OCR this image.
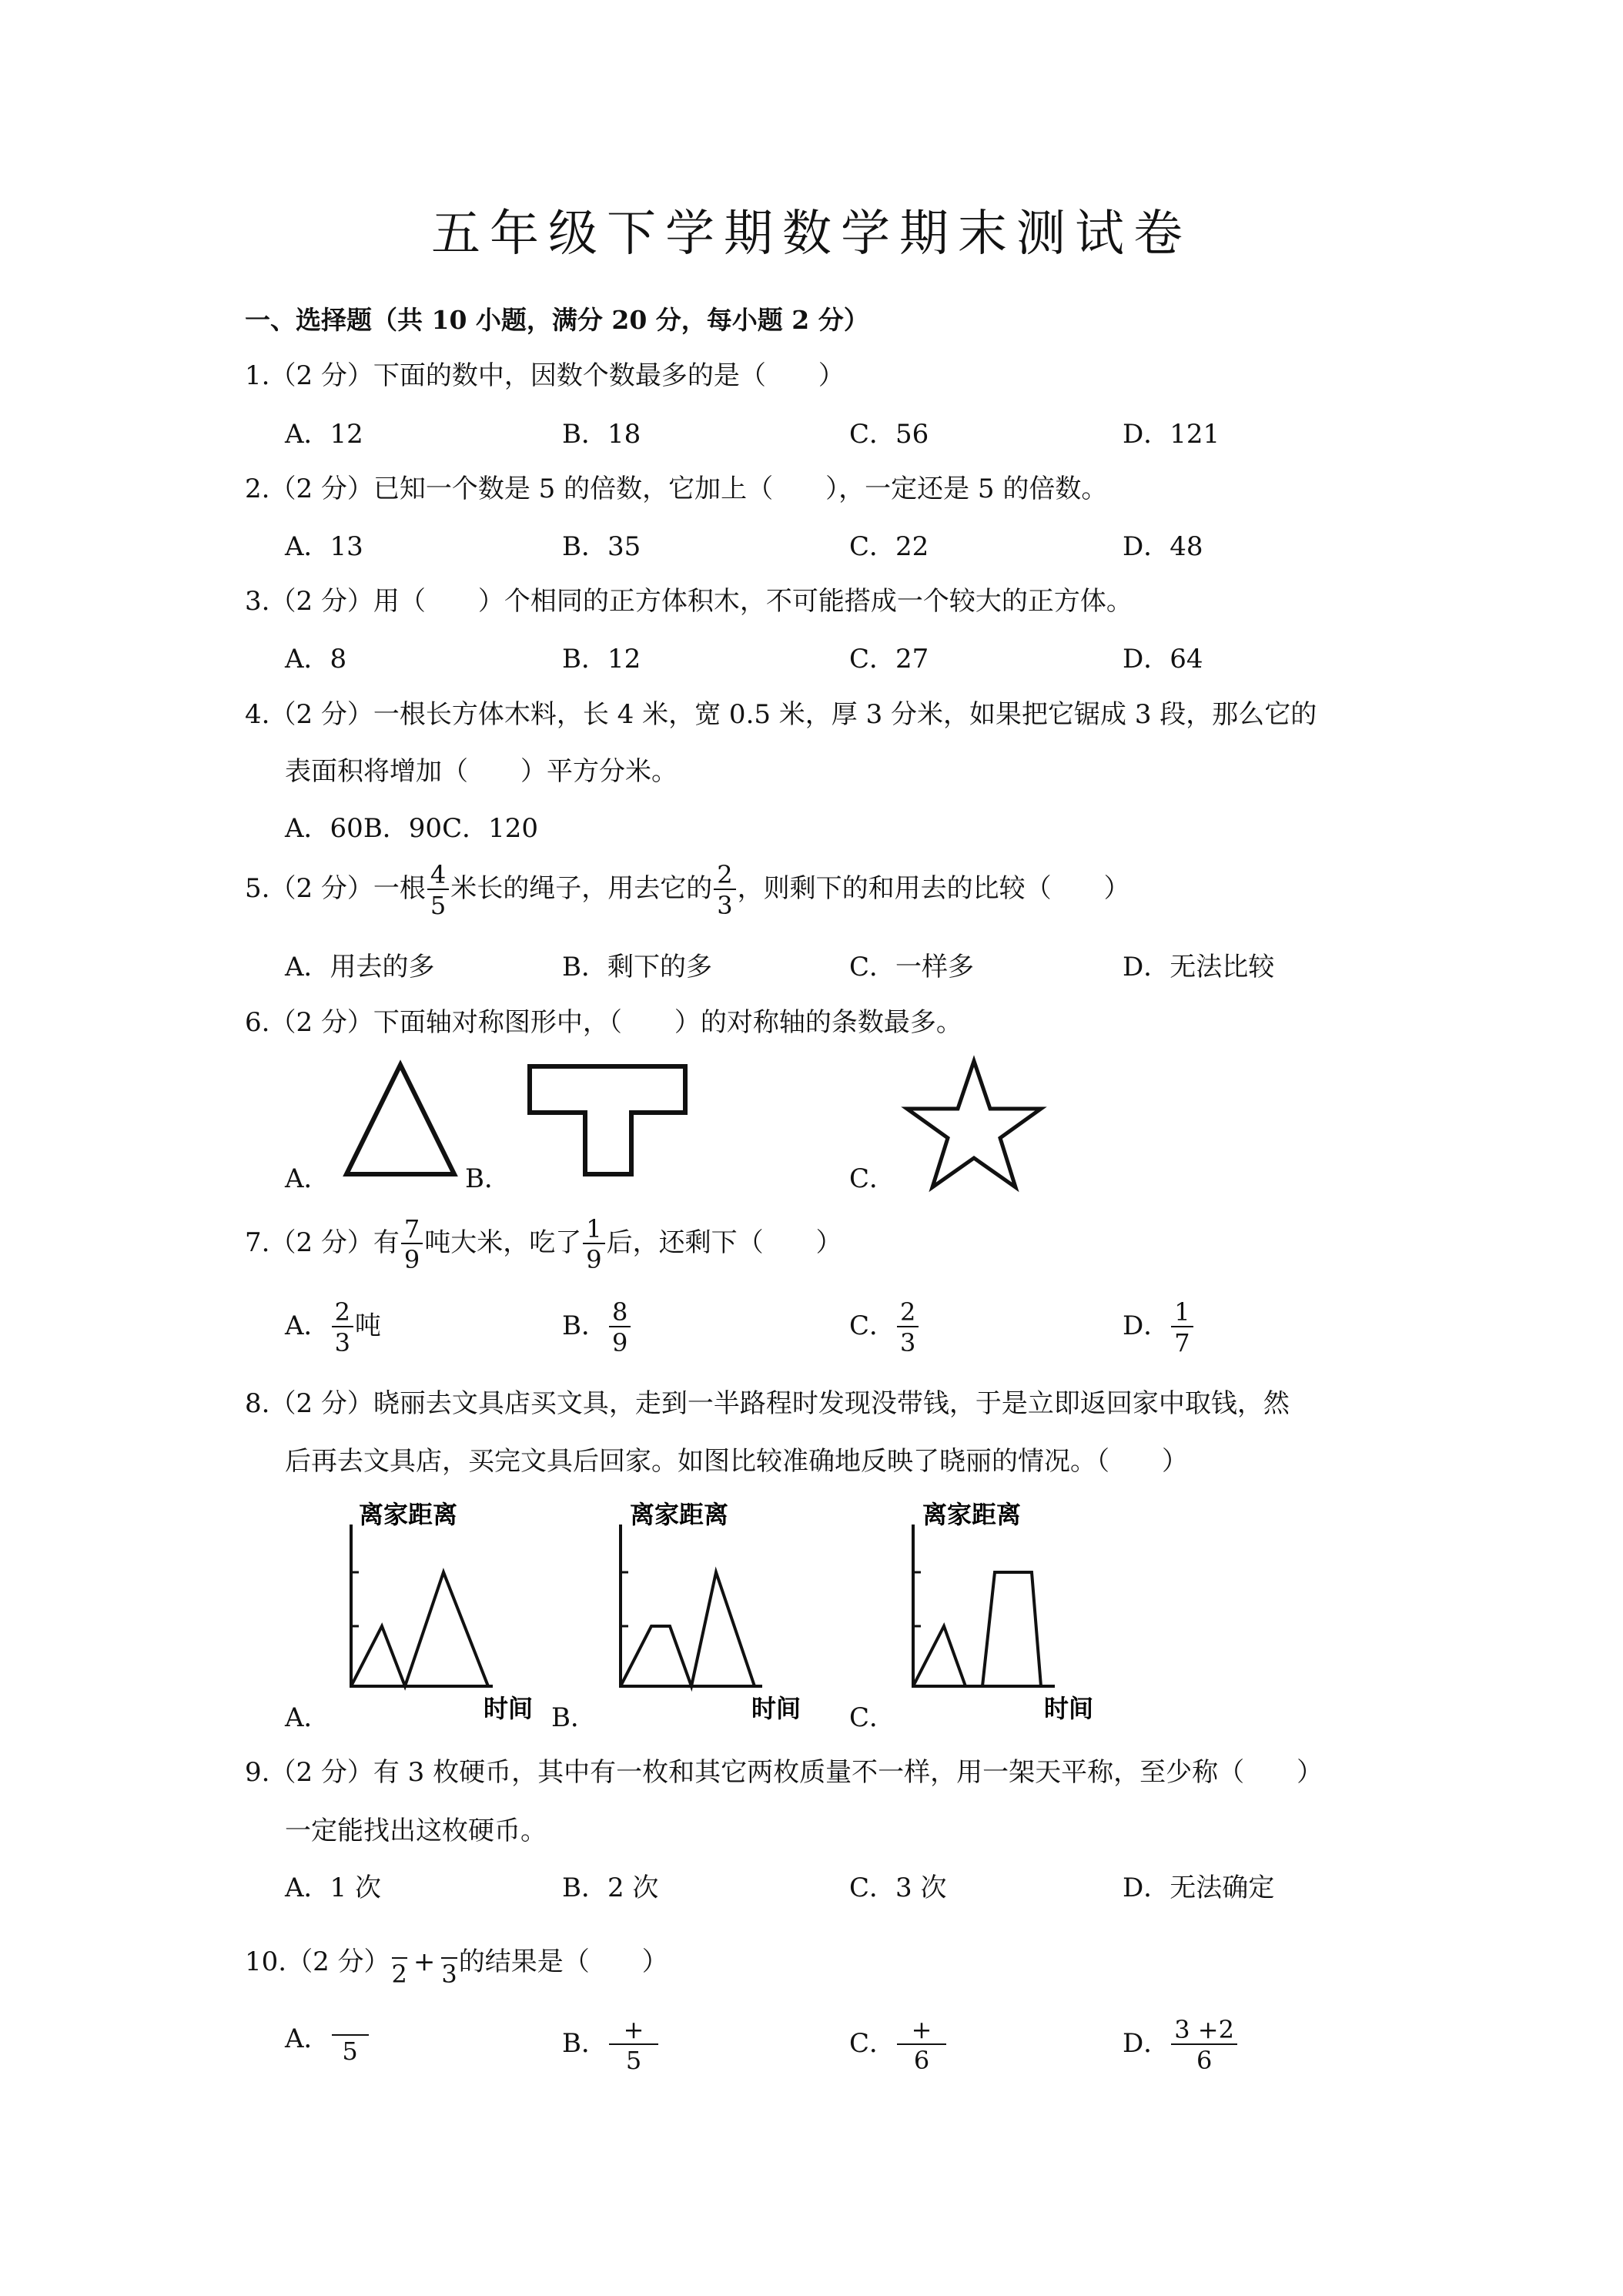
五年级下学期数学期末测试卷
一、选择题（共 10 小题，满分 20 分，每小题 2 分）
1.（2 分）下面的数中，因数个数最多的是（　　）
A．12	B．18	C．56	D．121
2.（2 分）已知一个数是 5 的倍数，它加上（　　），一定还是 5 的倍数。
A．13	B．35	C．22	D．48
3.（2 分）用（　　）个相同的正方体积木，不可能搭成一个较大的正方体。
A．8	B．12	C．27	D．64
4.（2 分）一根长方体木料，长 4 米，宽 0.5 米，厚 3 分米，如果把它锯成 3 段，那么它的
表面积将增加（　　）平方分米。
A．60B．90C．120
5.（2 分）一根 $\frac{4}{5}$ 米长的绳子，用去它的 $\frac{2}{3}$ ，则剩下的和用去的比较（　　）
A．用去的多	B．剩下的多	C．一样多	D．无法比较
6.（2 分）下面轴对称图形中，（　　）的对称轴的条数最多。
A．	B．	C．
7.（2 分）有 $\frac{7}{9}$ 吨大米，吃了 $\frac{1}{9}$ 后，还剩下（　　）
A． $\frac{2}{3}$ 吨	B． $\frac{8}{9}$	C． $\frac{2}{3}$	D． $\frac{1}{7}$
8.（2 分）晓丽去文具店买文具，走到一半路程时发现没带钱，于是立即返回家中取钱，然
后再去文具店，买完文具后回家。如图比较准确地反映了晓丽的情况。（　　）
离家距离
时间
离家距离
时间
离家距离
时间
A．	B．	C．
9.（2 分）有 3 枚硬币，其中有一枚和其它两枚质量不一样，用一架天平称，至少称（　　）
一定能找出这枚硬币。
A．1 次	B．2 次	C．3 次	D．无法确定
10.（2 分） 2 + 3 的结果是（　　）
A． 5	B． $\frac{+}{5}$	C． $\frac{+}{6}$	D． $\frac{3 +2}{6}$
